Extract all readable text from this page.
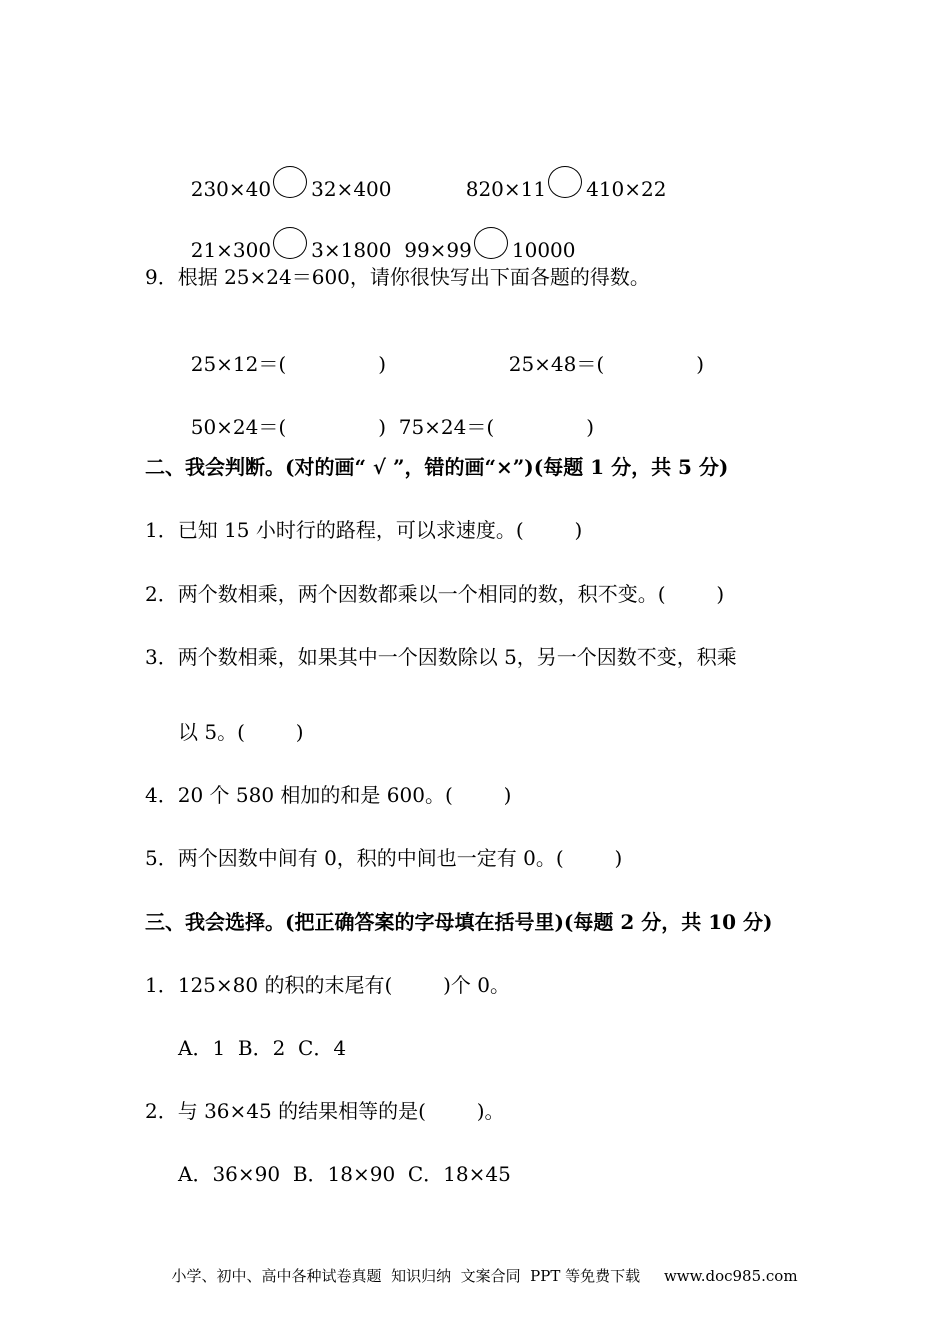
230×40 32×400	820×11 410×22

21×300 3×1800 99×99 10000

9．根据 25×24＝600，请你很快写出下面各题的得数。

25×12＝(	)	25×48＝(	)

50×24＝(	) 75×24＝(	)

二、我会判断。(对的画“ √ ”，错的画“×”)(每题 1 分，共 5 分)
1．已知 15 小时行的路程，可以求速度。(        )
2．两个数相乘，两个因数都乘以一个相同的数，积不变。(        )
3．两个数相乘，如果其中一个因数除以 5，另一个因数不变，积乘
以 5。(        )
4．20 个 580 相加的和是 600。(        )
5．两个因数中间有 0，积的中间也一定有 0。(        )
三、我会选择。(把正确答案的字母填在括号里)(每题 2 分，共 10 分)
1．125×80 的积的末尾有(        )个 0。
A．1  B．2  C．4
2．与 36×45 的结果相等的是(        )。
A．36×90  B．18×90  C．18×45

小学、初中、高中各种试卷真题  知识归纳  文案合同  PPT 等免费下载 www.doc985.com
